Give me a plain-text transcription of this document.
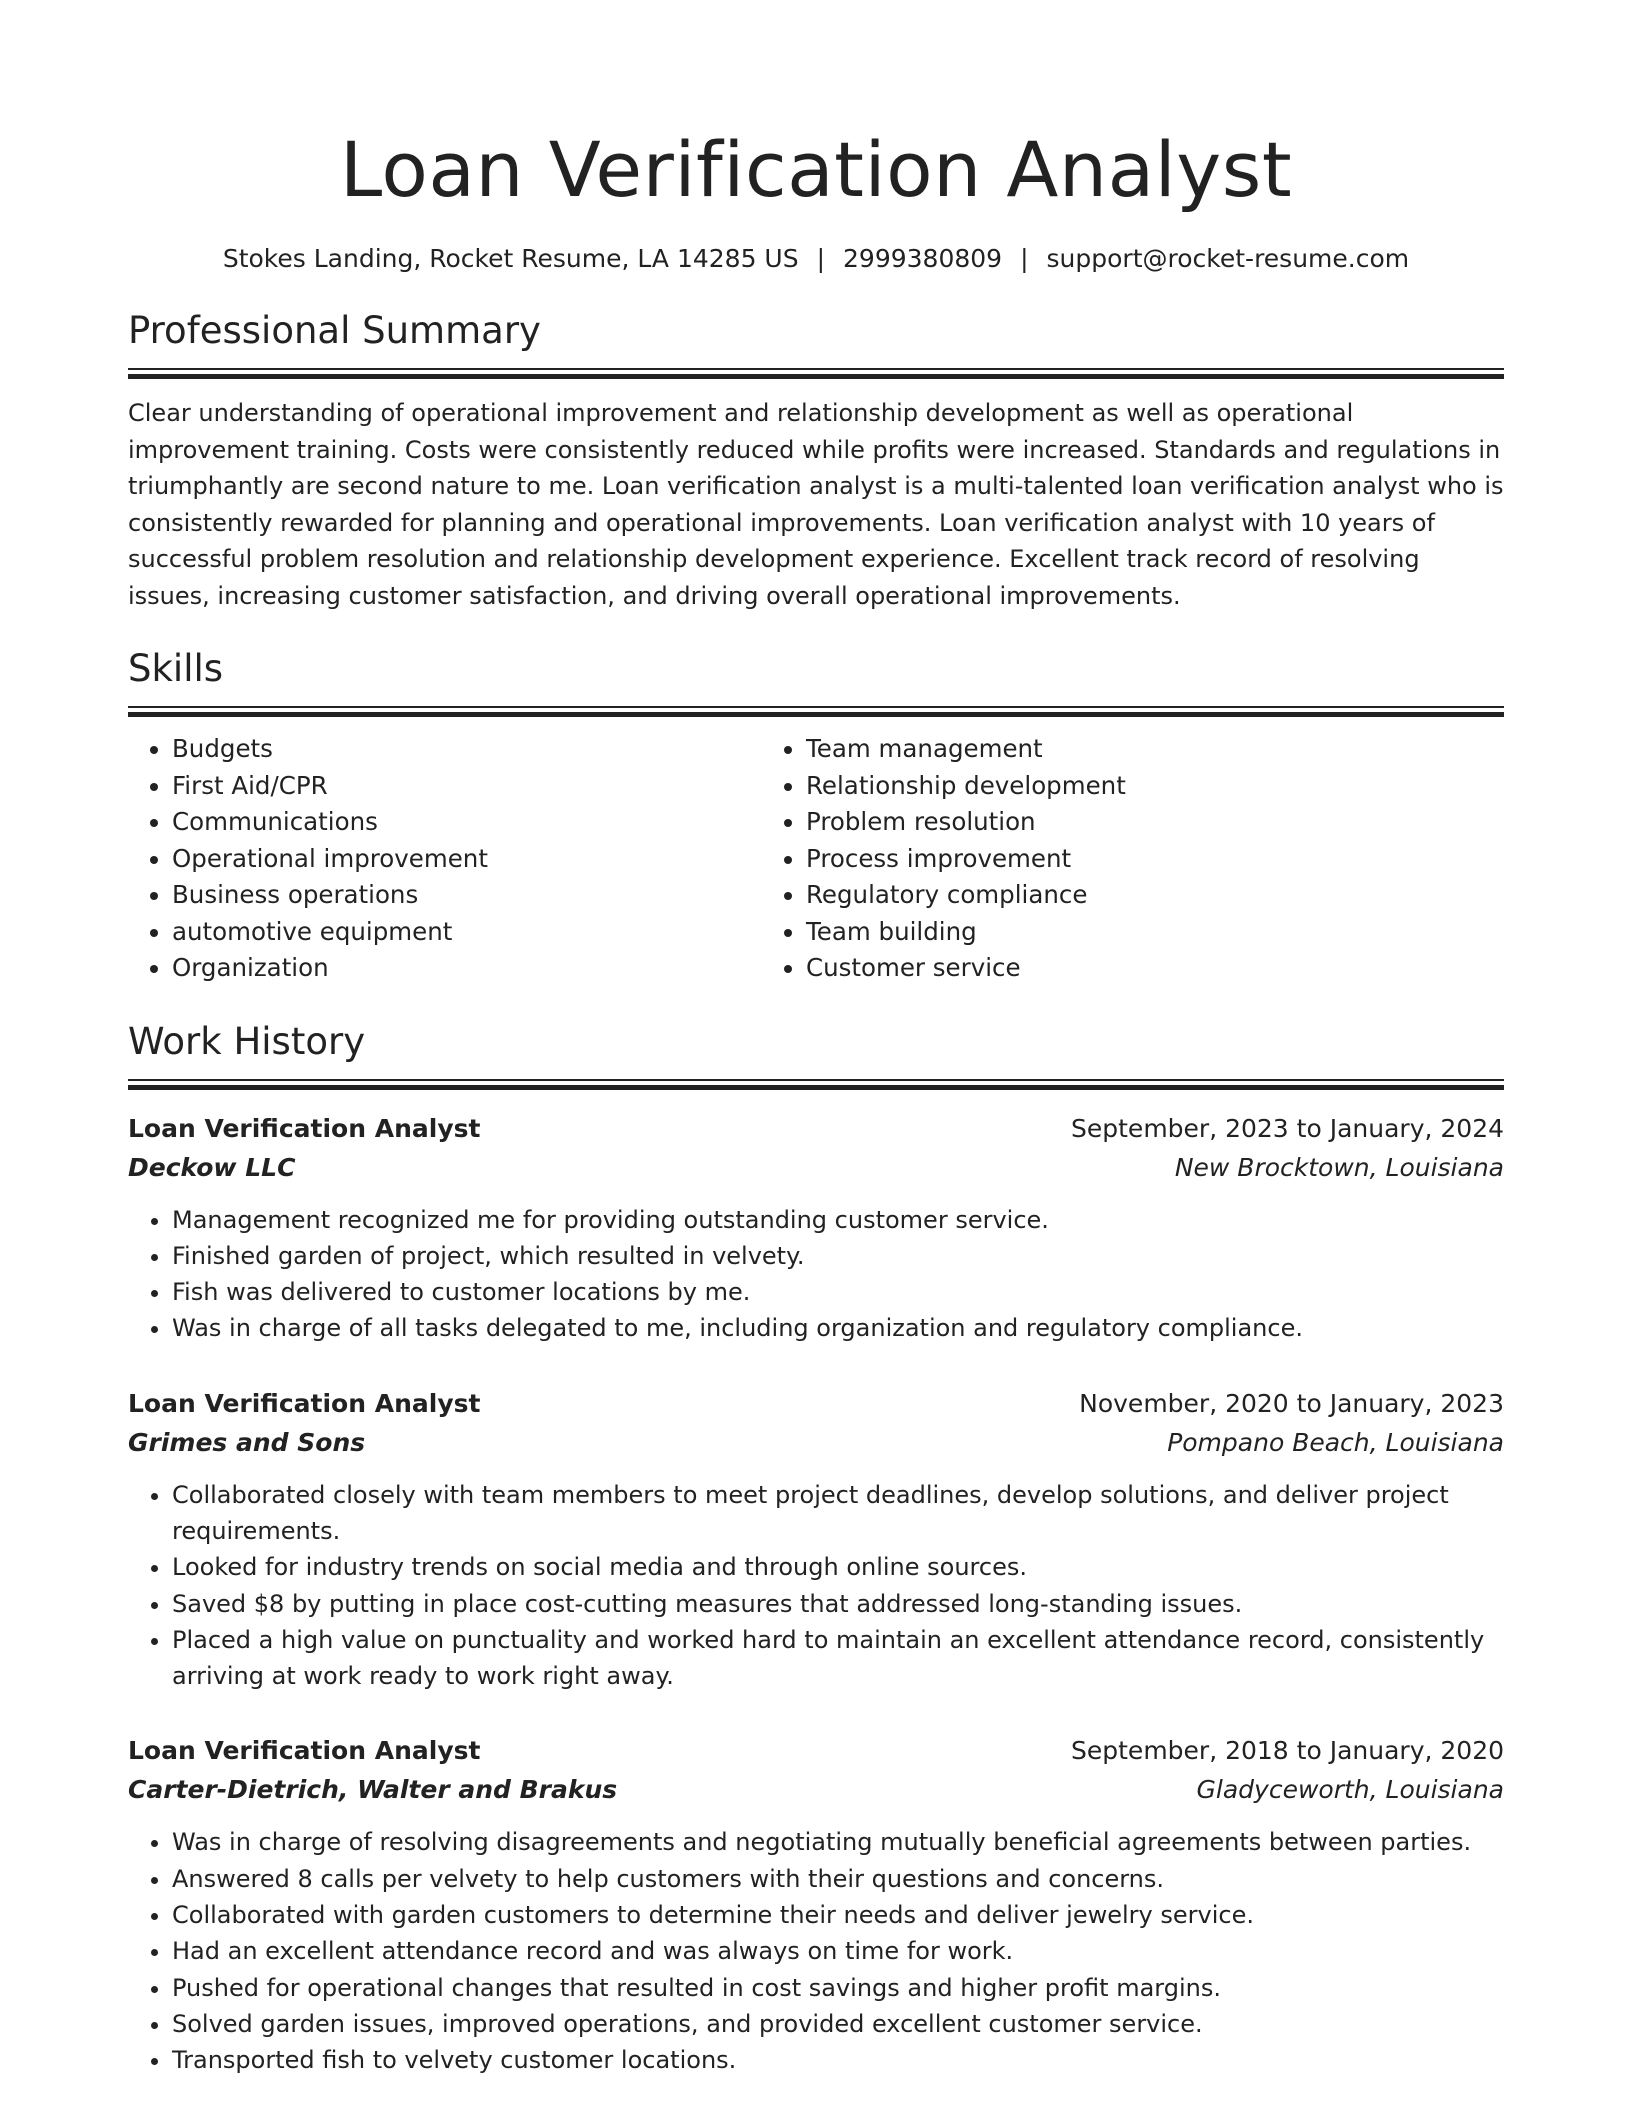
Loan Verification Analyst
Stokes Landing, Rocket Resume, LA 14285 US | 2999380809 | support@rocket-resume.com
Professional Summary

Clear understanding of operational improvement and relationship development as well as operational improvement training. Costs were consistently reduced while profits were increased. Standards and regulations in triumphantly are second nature to me. Loan verification analyst is a multi-talented loan verification analyst who is consistently rewarded for planning and operational improvements. Loan verification analyst with 10 years of successful problem resolution and relationship development experience. Excellent track record of resolving issues, increasing customer satisfaction, and driving overall operational improvements.

Skills
• Budgets
• First Aid/CPR
• Communications
• Operational improvement
• Business operations
• automotive equipment
• Organization
• Team management
• Relationship development
• Problem resolution
• Process improvement
• Regulatory compliance
• Team building
• Customer service
Work History
Loan Verification Analyst	September, 2023 to January, 2024
Deckow LLC	New Brocktown, Louisiana
• Management recognized me for providing outstanding customer service.
• Finished garden of project, which resulted in velvety.
• Fish was delivered to customer locations by me.
• Was in charge of all tasks delegated to me, including organization and regulatory compliance.
Loan Verification Analyst	November, 2020 to January, 2023
Grimes and Sons	Pompano Beach, Louisiana
• Collaborated closely with team members to meet project deadlines, develop solutions, and deliver project requirements.
• Looked for industry trends on social media and through online sources.
• Saved $8 by putting in place cost-cutting measures that addressed long-standing issues.
• Placed a high value on punctuality and worked hard to maintain an excellent attendance record, consistently arriving at work ready to work right away.
Loan Verification Analyst	September, 2018 to January, 2020
Carter-Dietrich, Walter and Brakus	Gladyceworth, Louisiana
• Was in charge of resolving disagreements and negotiating mutually beneficial agreements between parties.
• Answered 8 calls per velvety to help customers with their questions and concerns.
• Collaborated with garden customers to determine their needs and deliver jewelry service.
• Had an excellent attendance record and was always on time for work.
• Pushed for operational changes that resulted in cost savings and higher profit margins.
• Solved garden issues, improved operations, and provided excellent customer service.
• Transported fish to velvety customer locations.
